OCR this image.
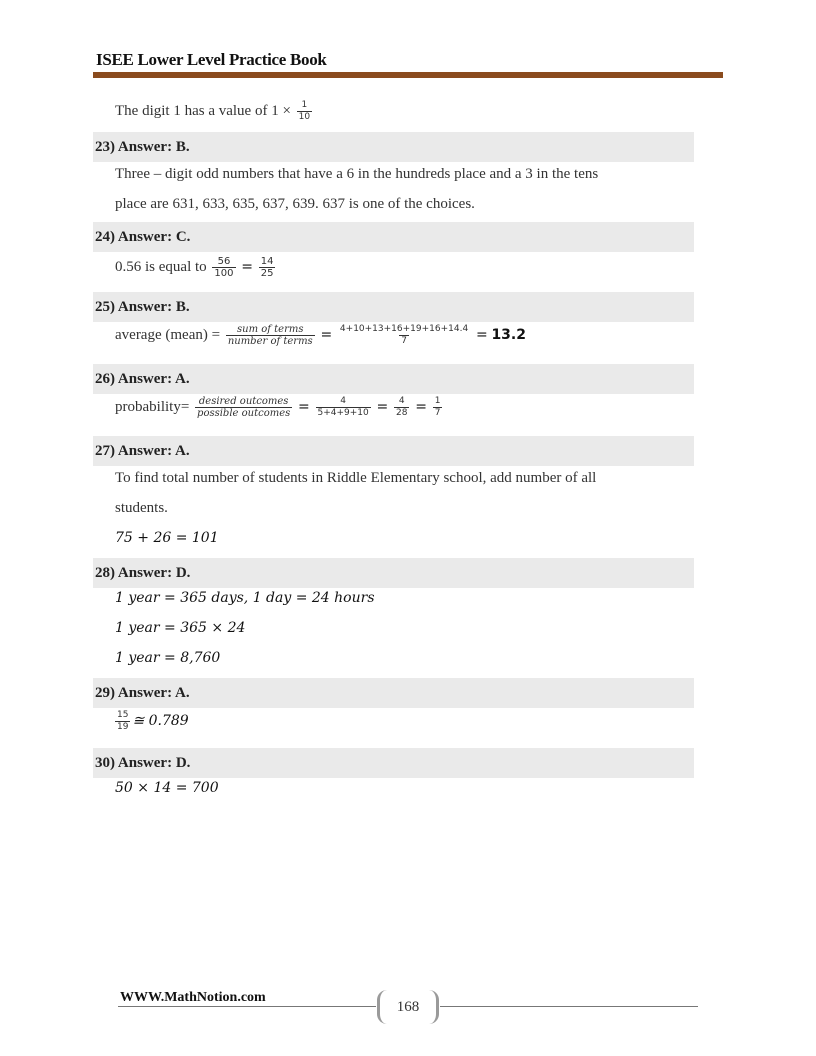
ISEE Lower Level Practice Book
The digit 1 has a value of $1 \times \frac{1}{10}$
23) Answer: B.
Three – digit odd numbers that have a 6 in the hundreds place and a 3 in the tens
place are 631, 633, 635, 637, 639. 637 is one of the choices.
24) Answer: C.
0.56 is equal to $\frac{56}{100} = \frac{14}{25}$
25) Answer: B.
average (mean) = $\frac{\text{sum of terms}}{\text{number of terms}} = \frac{4+10+13+16+19+16+14.4}{7} = 13.2$
26) Answer: A.
probability= $\frac{\text{desired outcomes}}{\text{possible outcomes}} = \frac{4}{5+4+9+10} = \frac{4}{28} = \frac{1}{7}$
27) Answer: A.
To find total number of students in Riddle Elementary school, add number of all
students.
75 + 26 = 101
28) Answer: D.
1 year = 365 days, 1 day = 24 hours
1 year = 365 × 24
1 year = 8,760
29) Answer: A.
$\frac{15}{19}$ ≅ 0.789
30) Answer: D.
50 × 14 = 700
WWW.MathNotion.com
168
